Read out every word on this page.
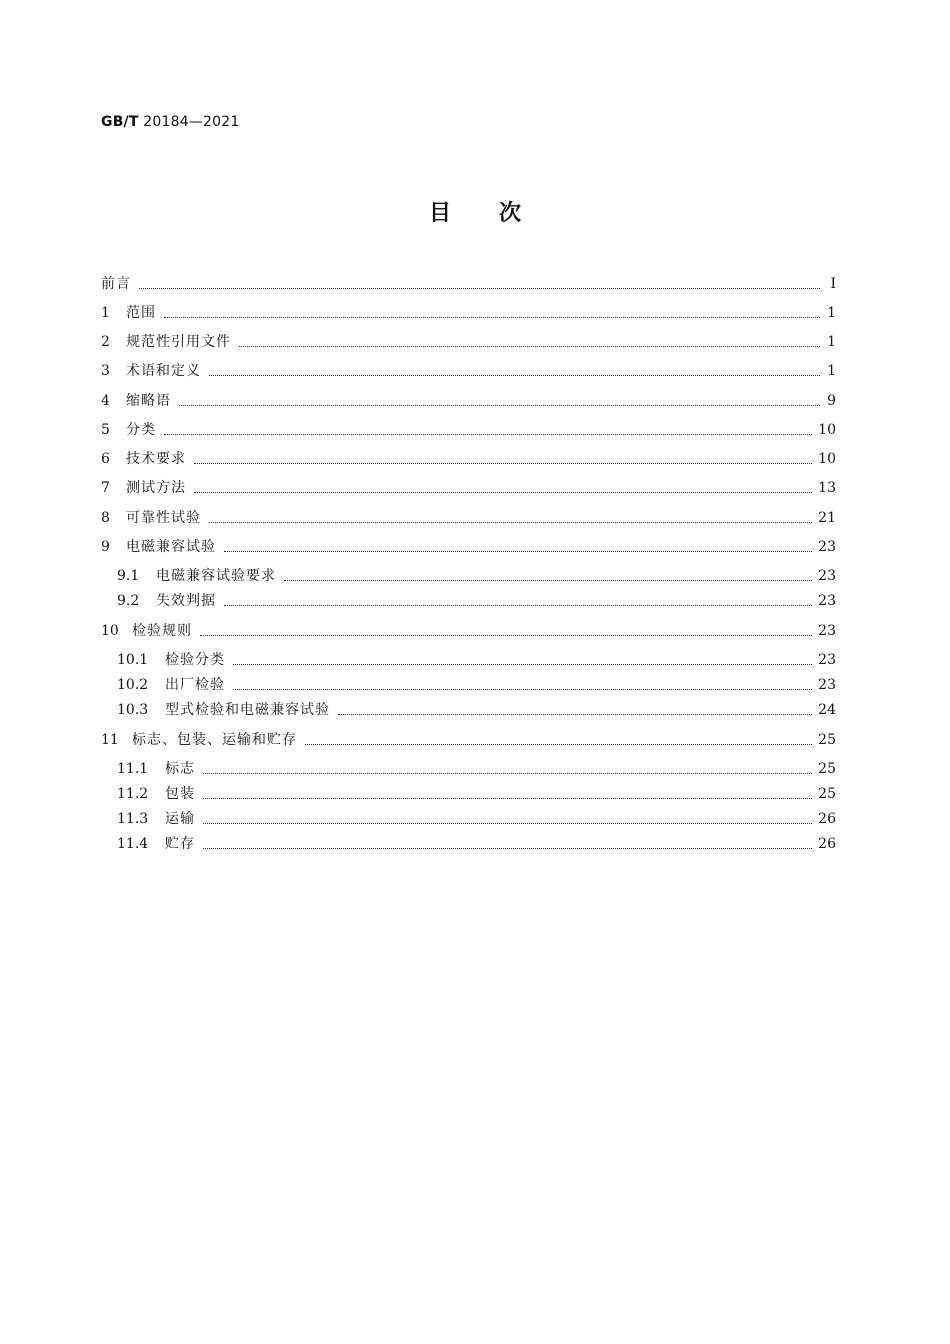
GB/T 20184—2021
目次
前言	I
1	范围	1
2	规范性引用文件	1
3	术语和定义	1
4	缩略语	9
5	分类	10
6	技术要求	10
7	测试方法	13
8	可靠性试验	21
9	电磁兼容试验	23
9.1	电磁兼容试验要求	23
9.2	失效判据	23
10 检验规则	23
10.1	检验分类	23
10.2	出厂检验	23
10.3	型式检验和电磁兼容试验	24
11 标志、包装、运输和贮存	25
11.1	标志	25
11.2	包装	25
11.3	运输	26
11.4	贮存	26
